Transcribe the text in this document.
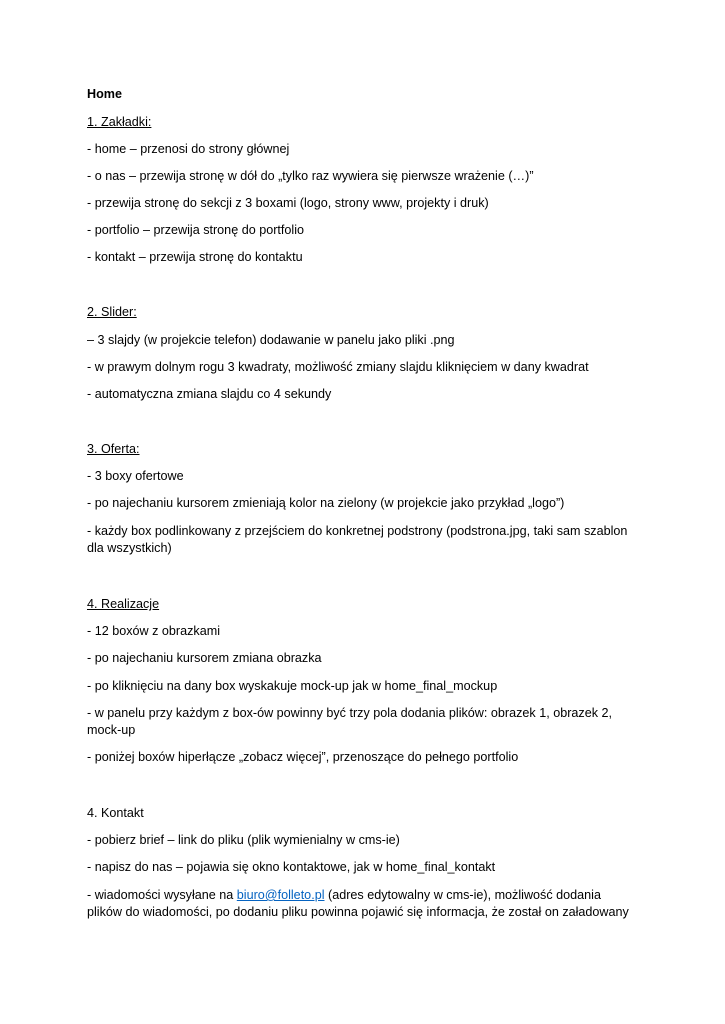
Home
1. Zakładki:
- home – przenosi do strony głównej
- o nas – przewija stronę w dół do „tylko raz wywiera się pierwsze wrażenie (…)”
- przewija stronę do sekcji z 3 boxami (logo, strony www, projekty i druk)
- portfolio – przewija stronę do portfolio
- kontakt – przewija stronę do kontaktu
2. Slider:
– 3 slajdy (w projekcie telefon) dodawanie w panelu jako pliki .png
- w prawym dolnym rogu 3 kwadraty, możliwość zmiany slajdu kliknięciem w dany kwadrat
- automatyczna zmiana slajdu co 4 sekundy
3. Oferta:
- 3 boxy ofertowe
- po najechaniu kursorem zmieniają kolor na zielony (w projekcie jako przykład „logo”)
- każdy box podlinkowany z przejściem do konkretnej podstrony (podstrona.jpg, taki sam szablon dla wszystkich)
4. Realizacje
- 12 boxów z obrazkami
- po najechaniu kursorem zmiana obrazka
- po kliknięciu na dany box wyskakuje mock-up jak w home_final_mockup
- w panelu przy każdym z box-ów powinny być trzy pola dodania plików: obrazek 1, obrazek 2, mock-up
- poniżej boxów hiperłącze „zobacz więcej”, przenoszące do pełnego portfolio
4. Kontakt
- pobierz brief – link do pliku (plik wymienialny w cms-ie)
- napisz do nas – pojawia się okno kontaktowe, jak w home_final_kontakt
- wiadomości wysyłane na biuro@folleto.pl (adres edytowalny w cms-ie), możliwość dodania plików do wiadomości, po dodaniu pliku powinna pojawić się informacja, że został on załadowany
